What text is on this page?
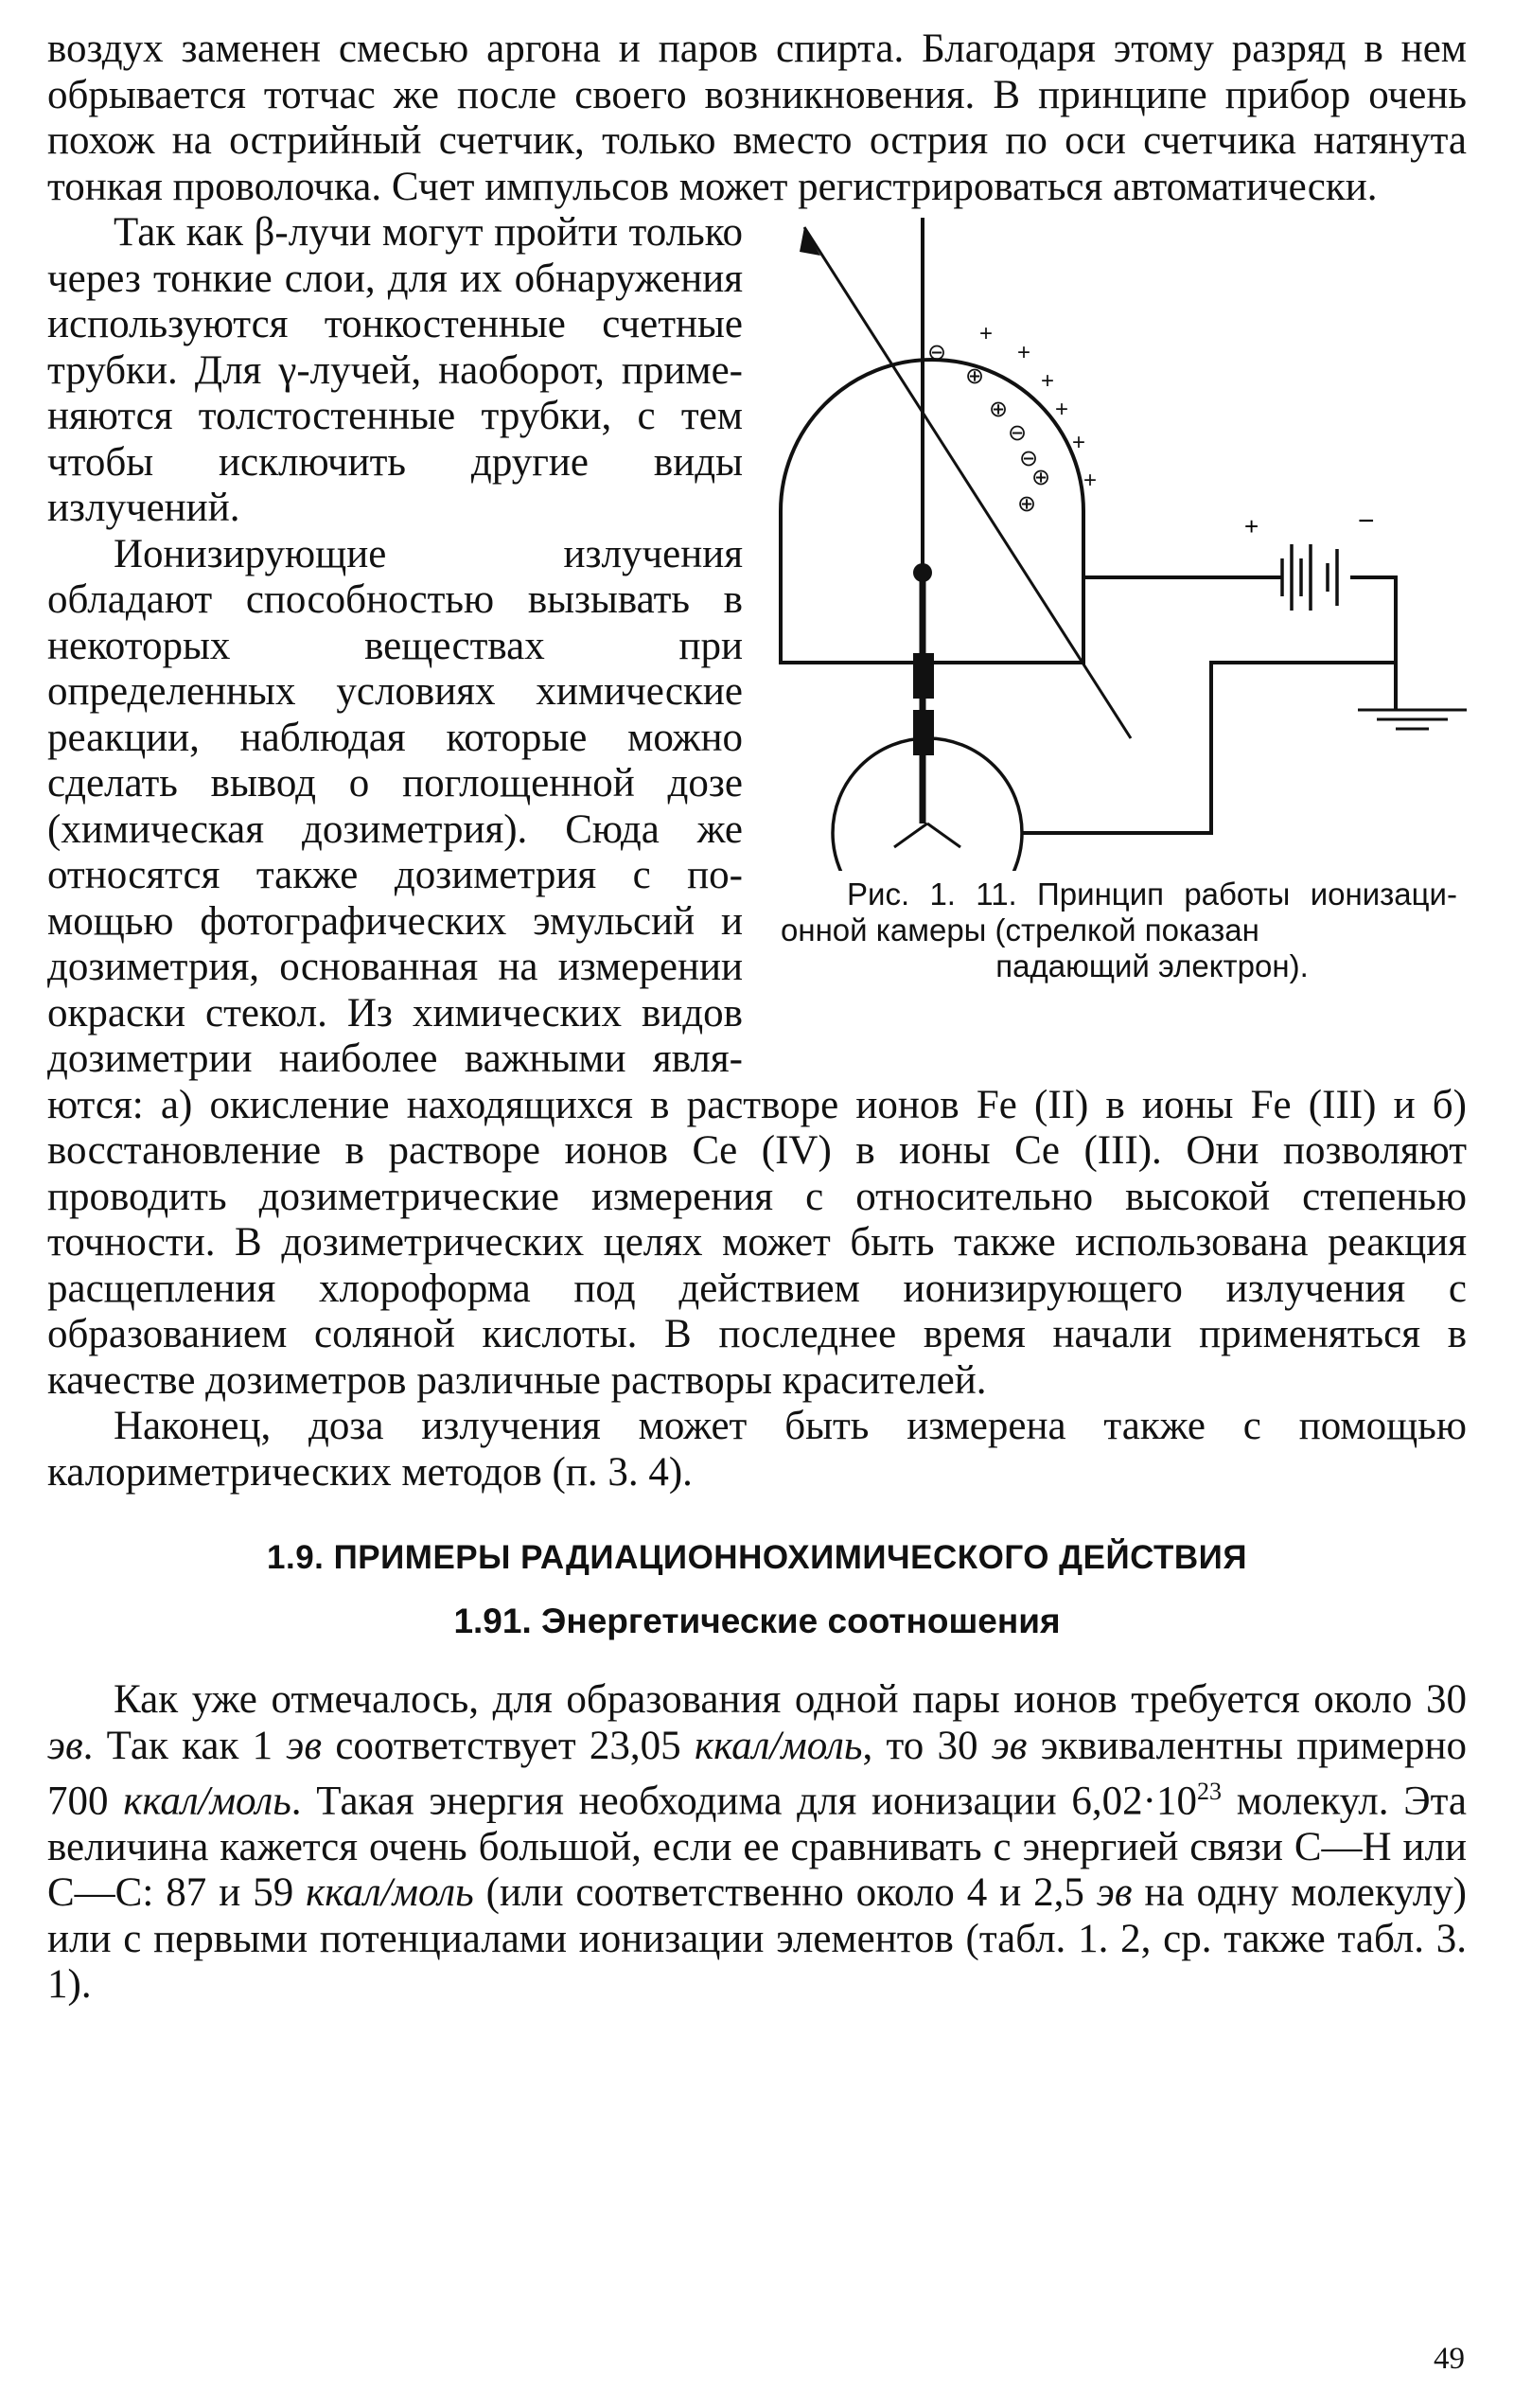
воздух заменен смесью аргона и паров спирта. Благодаря этому разряд в нем обрывается тотчас же после своего возникновения. В принципе прибор очень похож на острийный счетчик, только вместо острия по оси счетчика натянута тонкая проволочка. Счет импульсов может регистрироваться автоматически.

⊖
⊕
⊕
⊖
⊖
⊕
⊕
+
+
+
+
+
+
+	−
Рис. 1. 11. Принцип работы ионизационной камеры (стрелкой показан
падающий электрон).
Так как β-лучи могут пройти только через тонкие слои, для их обнаружения используются тонкостенные счетные трубки. Для γ-лучей, наоборот, применяются толстостенные трубки, с тем чтобы исключить другие виды излучений.

Ионизирующие излучения обладают способностью вызывать в некоторых веществах при определенных условиях химические реакции, наблюдая которые можно сделать вывод о поглощенной дозе (химическая дозиметрия). Сюда же относятся также дозиметрия с помощью фотографических эмульсий и дозиметрия, основанная на измерении окраски стекол. Из химических видов дозиметрии наиболее важными являются: а) окисление находящихся в растворе ионов Fe (II) в ионы Fe (III) и б) восстановление в растворе ионов Ce (IV) в ионы Ce (III). Они позволяют проводить дозиметрические измерения с относительно высокой степенью точности. В дозиметрических целях может быть также использована реакция расщепления хлороформа под действием ионизирующего излучения с образованием соляной кислоты. В последнее время начали применяться в качестве дозиметров различные растворы красителей.

Наконец, доза излучения может быть измерена также с помощью калориметрических методов (п. 3. 4).

1.9. ПРИМЕРЫ РАДИАЦИОННОХИМИЧЕСКОГО ДЕЙСТВИЯ
1.91. Энергетические соотношения

Как уже отмечалось, для образования одной пары ионов требуется около 30 эв. Так как 1 эв соответствует 23,05 ккал/моль, то 30 эв эквивалентны примерно 700 ккал/моль. Такая энергия необходима для ионизации $6,02\cdot 10^{23}$ молекул. Эта величина кажется очень большой, если ее сравнивать с энергией связи C—H или C—C: 87 и 59 ккал/моль (или соответственно около 4 и 2,5 эв на одну молекулу) или с первыми потенциалами ионизации элементов (табл. 1. 2, ср. также табл. 3. 1).

49
